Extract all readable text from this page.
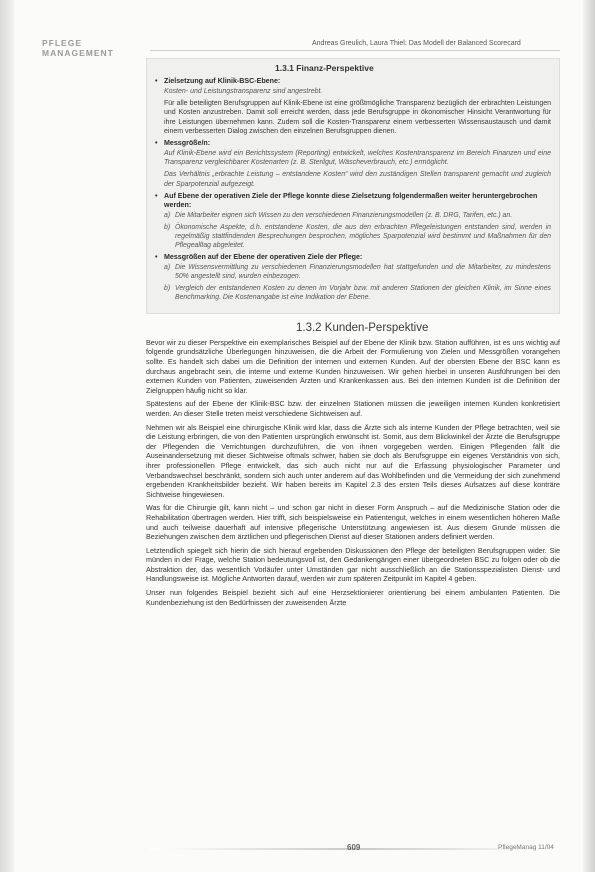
PFLEGE
MANAGEMENT
Andreas Greulich, Laura Thiel: Das Modell der Balanced Scorecard
1.3.1 Finanz-Perspektive
• Zielsetzung auf Klinik-BSC-Ebene:
Kosten- und Leistungstransparenz sind angestrebt.
Für alle beteiligten Berufsgruppen auf Klinik-Ebene ist eine größtmögliche Transparenz bezüglich der erbrachten Leistungen und Kosten anzustreben. Damit soll erreicht werden, dass jede Berufsgruppe in ökonomischer Hinsicht Verantwortung für ihre Leistungen übernehmen kann. Zudem soll die Kosten-Transparenz einem verbesserten Wissensaustausch und damit einem verbesserten Dialog zwischen den einzelnen Berufsgruppen dienen.
• Messgröße/n:
Auf Klinik-Ebene wird ein Berichtssystem (Reporting) entwickelt, welches Kostentransparenz im Bereich Finanzen und eine Transparenz vergleichbarer Kostenarten (z. B. Sterilgut, Wäscheverbrauch, etc.) ermöglicht.
Das Verhältnis „erbrachte Leistung – entstandene Kosten“ wird den zuständigen Stellen transparent gemacht und zugleich der Sparpotenzial aufgezeigt.
• Auf Ebene der operativen Ziele der Pflege konnte diese Zielsetzung folgendermaßen weiter heruntergebrochen werden:
a) Die Mitarbeiter eignen sich Wissen zu den verschiedenen Finanzierungsmodellen (z. B. DRG, Tarifen, etc.) an.
b) Ökonomische Aspekte, d.h. entstandene Kosten, die aus den erbrachten Pflegeleistungen entstanden sind, werden in regelmäßig stattfindenden Besprechungen besprochen, mögliches Sparpotenzial wird bestimmt und Maßnahmen für den Pflegealltag abgeleitet.
• Messgrößen auf der Ebene der operativen Ziele der Pflege:
a) Die Wissensvermittlung zu verschiedenen Finanzierungsmodellen hat stattgefunden und die Mitarbeiter, zu mindestens 50% angestellt sind, wurden einbezogen.
b) Vergleich der entstandenen Kosten zu denen im Vorjahr bzw. mit anderen Stationen der gleichen Klinik, im Sinne eines Benchmarking. Die Kostenangabe ist eine Indikation der Ebene.
1.3.2 Kunden-Perspektive

Bevor wir zu dieser Perspektive ein exemplarisches Beispiel auf der Ebene der Klinik bzw. Station aufführen, ist es uns wichtig auf folgende grundsätzliche Überlegungen hinzuweisen, die die Arbeit der Formulierung von Zielen und Messgrößen vorangehen sollte. Es handelt sich dabei um die Definition der internen und externen Kunden. Auf der obersten Ebene der BSC kann es durchaus angebracht sein, die interne und externe Kunden hinzuweisen. Wir gehen hierbei in unseren Ausführungen bei den externen Kunden von Patienten, zuweisenden Ärzten und Krankenkassen aus. Bei den internen Kunden ist die Definition der Zielgruppen häufig nicht so klar.

Spätestens auf der Ebene der Klinik-BSC bzw. der einzelnen Stationen müssen die jeweiligen internen Kunden konkretisiert werden. An dieser Stelle treten meist verschiedene Sichtweisen auf.

Nehmen wir als Beispiel eine chirurgische Klinik wird klar, dass die Ärzte sich als interne Kunden der Pflege betrachten, weil sie die Leistung erbringen, die von den Patienten ursprünglich erwünscht ist. Somit, aus dem Blickwinkel der Ärzte die Berufsgruppe der Pflegenden die Verrichtungen durchzuführen, die von ihnen vorgegeben werden. Einigen Pflegenden fällt die Auseinandersetzung mit dieser Sichtweise oftmals schwer, haben sie doch als Berufsgruppe ein eigenes Verständnis von sich, ihrer professionellen Pflege entwickelt, das sich auch nicht nur auf die Erfassung physiologischer Parameter und Verbandswechsel beschränkt, sondern sich auch unter anderem auf das Wohlbefinden und die Vermeidung der sich zunehmend ergebenden Krankheitsbilder bezieht. Wir haben bereits im Kapitel 2.3 des ersten Teils dieses Aufsatzes auf diese konträre Sichtweise hingewiesen.

Was für die Chirurgie gilt, kann nicht – und schon gar nicht in dieser Form Anspruch – auf die Medizinische Station oder die Rehabilitation übertragen werden. Hier trifft, sich beispielsweise ein Patientengut, welches in einem wesentlichen höheren Maße und auch teilweise dauerhaft auf intensive pflegerische Unterstützung angewiesen ist. Aus diesem Grunde müssen die Beziehungen zwischen dem ärztlichen und pflegerischen Dienst auf dieser Stationen anders definiert werden.

Letztendlich spiegelt sich hierin die sich hierauf ergebenden Diskussionen den Pflege der beteiligten Berufsgruppen wider. Sie münden in der Frage, welche Station bedeutungsvoll ist, den Gedankengängen einer übergeordneten BSC zu folgen oder ob die Abstraktion der, das wesentlich Vorläufer unter Umständen gar nicht ausschließlich an die Stationsspezialisten Dienst- und Handlungsweise ist. Mögliche Antworten darauf, werden wir zum späteren Zeitpunkt im Kapitel 4 geben.

Unser nun folgendes Beispiel bezieht sich auf eine Herzsektionierer orientierung bei einem ambulanten Patienten. Die Kundenbeziehung ist den Bedürfnissen der zuweisenden Ärzte

609	PflegeManag 11/04
